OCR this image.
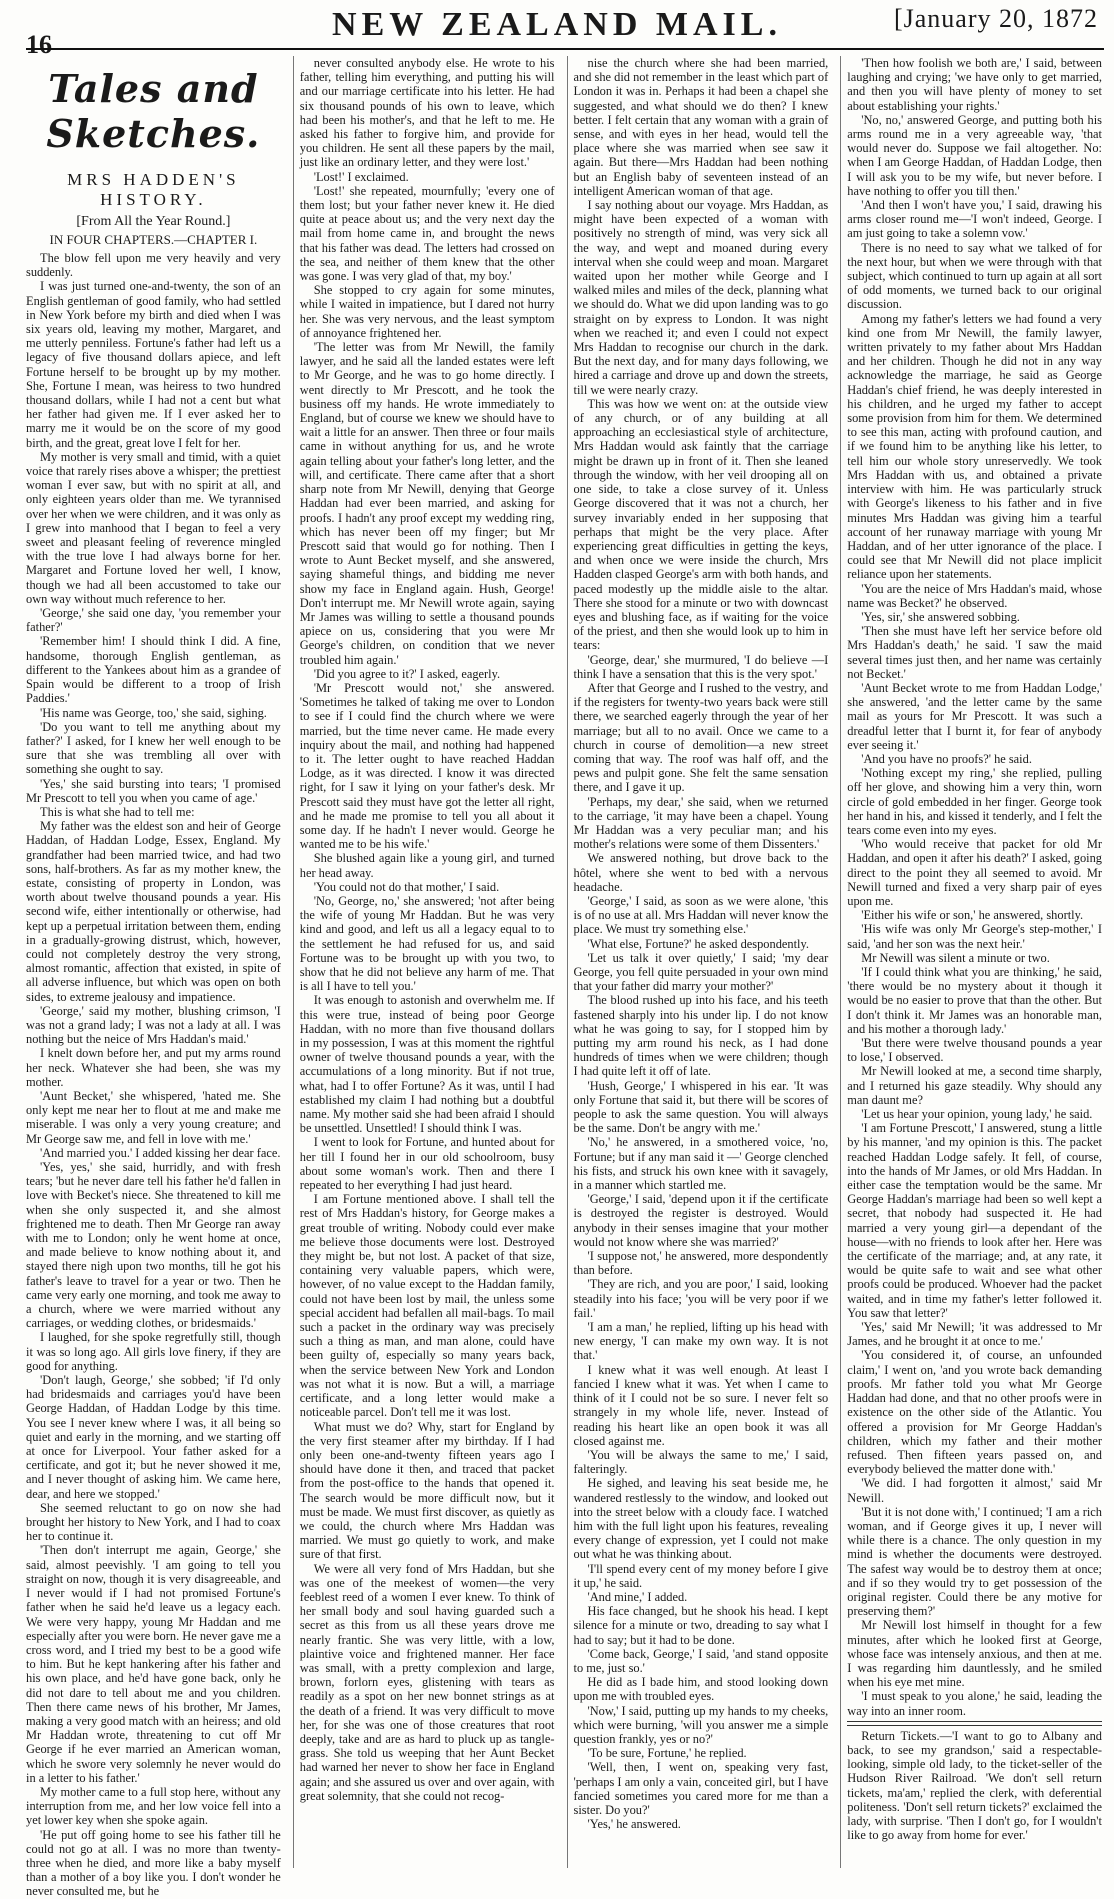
16
NEW ZEALAND MAIL.	[January 20, 1872
Tales and Sketches.
MRS HADDEN'S HISTORY.
[From All the Year Round.]
IN FOUR CHAPTERS.—CHAPTER I.

The blow fell upon me very heavily and very suddenly.

I was just turned one-and-twenty, the son of an English gentleman of good family, who had settled in New York before my birth and died when I was six years old, leaving my mother, Margaret, and me utterly penniless. Fortune's father had left us a legacy of five thousand dollars apiece, and left Fortune herself to be brought up by my mother. She, Fortune I mean, was heiress to two hundred thousand dollars, while I had not a cent but what her father had given me. If I ever asked her to marry me it would be on the score of my good birth, and the great, great love I felt for her.

My mother is very small and timid, with a quiet voice that rarely rises above a whisper; the prettiest woman I ever saw, but with no spirit at all, and only eighteen years older than me. We tyrannised over her when we were children, and it was only as I grew into manhood that I began to feel a very sweet and pleasant feeling of reverence mingled with the true love I had always borne for her. Margaret and Fortune loved her well, I know, though we had all been accustomed to take our own way without much reference to her.

'George,' she said one day, 'you remember your father?'

'Remember him! I should think I did. A fine, handsome, thorough English gentleman, as different to the Yankees about him as a grandee of Spain would be different to a troop of Irish Paddies.'

'His name was George, too,' she said, sighing.

'Do you want to tell me anything about my father?' I asked, for I knew her well enough to be sure that she was trembling all over with something she ought to say.

'Yes,' she said bursting into tears; 'I promised Mr Prescott to tell you when you came of age.'

This is what she had to tell me:

My father was the eldest son and heir of George Haddan, of Haddan Lodge, Essex, England. My grandfather had been married twice, and had two sons, half-brothers. As far as my mother knew, the estate, consisting of property in London, was worth about twelve thousand pounds a year. His second wife, either intentionally or otherwise, had kept up a perpetual irritation between them, ending in a gradually-growing distrust, which, however, could not completely destroy the very strong, almost romantic, affection that existed, in spite of all adverse influence, but which was open on both sides, to extreme jealousy and impatience.

'George,' said my mother, blushing crimson, 'I was not a grand lady; I was not a lady at all. I was nothing but the neice of Mrs Haddan's maid.'

I knelt down before her, and put my arms round her neck. Whatever she had been, she was my mother.

'Aunt Becket,' she whispered, 'hated me. She only kept me near her to flout at me and make me miserable. I was only a very young creature; and Mr George saw me, and fell in love with me.'

'And married you.' I added kissing her dear face.

'Yes, yes,' she said, hurridly, and with fresh tears; 'but he never dare tell his father he'd fallen in love with Becket's niece. She threatened to kill me when she only suspected it, and she almost frightened me to death. Then Mr George ran away with me to London; only he went home at once, and made believe to know nothing about it, and stayed there nigh upon two months, till he got his father's leave to travel for a year or two. Then he came very early one morning, and took me away to a church, where we were married without any carriages, or wedding clothes, or bridesmaids.'

I laughed, for she spoke regretfully still, though it was so long ago. All girls love finery, if they are good for anything.

'Don't laugh, George,' she sobbed; 'if I'd only had bridesmaids and carriages you'd have been George Haddan, of Haddan Lodge by this time. You see I never knew where I was, it all being so quiet and early in the morning, and we starting off at once for Liverpool. Your father asked for a certificate, and got it; but he never showed it me, and I never thought of asking him. We came here, dear, and here we stopped.'

She seemed reluctant to go on now she had brought her history to New York, and I had to coax her to continue it.

'Then don't interrupt me again, George,' she said, almost peevishly. 'I am going to tell you straight on now, though it is very disagreeable, and I never would if I had not promised Fortune's father when he said he'd leave us a legacy each. We were very happy, young Mr Haddan and me especially after you were born. He never gave me a cross word, and I tried my best to be a good wife to him. But he kept hankering after his father and his own place, and he'd have gone back, only he did not dare to tell about me and you children. Then there came news of his brother, Mr James, making a very good match with an heiress; and old Mr Haddan wrote, threatening to cut off Mr George if he ever married an American woman, which he swore very solemnly he never would do in a letter to his father.'

My mother came to a full stop here, without any interruption from me, and her low voice fell into a yet lower key when she spoke again.

'He put off going home to see his father till he could not go at all. I was no more than twenty-three when he died, and more like a baby myself than a mother of a boy like you. I don't wonder he never consulted me, but he

never consulted anybody else. He wrote to his father, telling him everything, and putting his will and our marriage certificate into his letter. He had six thousand pounds of his own to leave, which had been his mother's, and that he left to me. He asked his father to forgive him, and provide for you children. He sent all these papers by the mail, just like an ordinary letter, and they were lost.'

'Lost!' I exclaimed.

'Lost!' she repeated, mournfully; 'every one of them lost; but your father never knew it. He died quite at peace about us; and the very next day the mail from home came in, and brought the news that his father was dead. The letters had crossed on the sea, and neither of them knew that the other was gone. I was very glad of that, my boy.'

She stopped to cry again for some minutes, while I waited in impatience, but I dared not hurry her. She was very nervous, and the least symptom of annoyance frightened her.

'The letter was from Mr Newill, the family lawyer, and he said all the landed estates were left to Mr George, and he was to go home directly. I went directly to Mr Prescott, and he took the business off my hands. He wrote immediately to England, but of course we knew we should have to wait a little for an answer. Then three or four mails came in without anything for us, and he wrote again telling about your father's long letter, and the will, and certificate. There came after that a short sharp note from Mr Newill, denying that George Haddan had ever been married, and asking for proofs. I hadn't any proof except my wedding ring, which has never been off my finger; but Mr Prescott said that would go for nothing. Then I wrote to Aunt Becket myself, and she answered, saying shameful things, and bidding me never show my face in England again. Hush, George! Don't interrupt me. Mr Newill wrote again, saying Mr James was willing to settle a thousand pounds apiece on us, considering that you were Mr George's children, on condition that we never troubled him again.'

'Did you agree to it?' I asked, eagerly.

'Mr Prescott would not,' she answered. 'Sometimes he talked of taking me over to London to see if I could find the church where we were married, but the time never came. He made every inquiry about the mail, and nothing had happened to it. The letter ought to have reached Haddan Lodge, as it was directed. I know it was directed right, for I saw it lying on your father's desk. Mr Prescott said they must have got the letter all right, and he made me promise to tell you all about it some day. If he hadn't I never would. George he wanted me to be his wife.'

She blushed again like a young girl, and turned her head away.

'You could not do that mother,' I said.

'No, George, no,' she answered; 'not after being the wife of young Mr Haddan. But he was very kind and good, and left us all a legacy equal to to the settlement he had refused for us, and said Fortune was to be brought up with you two, to show that he did not believe any harm of me. That is all I have to tell you.'

It was enough to astonish and overwhelm me. If this were true, instead of being poor George Haddan, with no more than five thousand dollars in my possession, I was at this moment the rightful owner of twelve thousand pounds a year, with the accumulations of a long minority. But if not true, what, had I to offer Fortune? As it was, until I had established my claim I had nothing but a doubtful name. My mother said she had been afraid I should be unsettled. Unsettled! I should think I was.

I went to look for Fortune, and hunted about for her till I found her in our old schoolroom, busy about some woman's work. Then and there I repeated to her everything I had just heard.

I am Fortune mentioned above. I shall tell the rest of Mrs Haddan's history, for George makes a great trouble of writing. Nobody could ever make me believe those documents were lost. Destroyed they might be, but not lost. A packet of that size, containing very valuable papers, which were, however, of no value except to the Haddan family, could not have been lost by mail, the unless some special accident had befallen all mail-bags. To mail such a packet in the ordinary way was precisely such a thing as man, and man alone, could have been guilty of, especially so many years back, when the service between New York and London was not what it is now. But a will, a marriage certificate, and a long letter would make a noticeable parcel. Don't tell me it was lost.

What must we do? Why, start for England by the very first steamer after my birthday. If I had only been one-and-twenty fifteen years ago I should have done it then, and traced that packet from the post-office to the hands that opened it. The search would be more difficult now, but it must be made. We must first discover, as quietly as we could, the church where Mrs Haddan was married. We must go quietly to work, and make sure of that first.

We were all very fond of Mrs Haddan, but she was one of the meekest of women—the very feeblest reed of a women I ever knew. To think of her small body and soul having guarded such a secret as this from us all these years drove me nearly frantic. She was very little, with a low, plaintive voice and frightened manner. Her face was small, with a pretty complexion and large, brown, forlorn eyes, glistening with tears as readily as a spot on her new bonnet strings as at the death of a friend. It was very difficult to move her, for she was one of those creatures that root deeply, take and are as hard to pluck up as tangle-grass. She told us weeping that her Aunt Becket had warned her never to show her face in England again; and she assured us over and over again, with great solemnity, that she could not recog-

nise the church where she had been married, and she did not remember in the least which part of London it was in. Perhaps it had been a chapel she suggested, and what should we do then? I knew better. I felt certain that any woman with a grain of sense, and with eyes in her head, would tell the place where she was married when see saw it again. But there—Mrs Haddan had been nothing but an English baby of seventeen instead of an intelligent American woman of that age.

I say nothing about our voyage. Mrs Haddan, as might have been expected of a woman with positively no strength of mind, was very sick all the way, and wept and moaned during every interval when she could weep and moan. Margaret waited upon her mother while George and I walked miles and miles of the deck, planning what we should do. What we did upon landing was to go straight on by express to London. It was night when we reached it; and even I could not expect Mrs Haddan to recognise our church in the dark. But the next day, and for many days following, we hired a carriage and drove up and down the streets, till we were nearly crazy.

This was how we went on: at the outside view of any church, or of any building at all approaching an ecclesiastical style of architecture, Mrs Haddan would ask faintly that the carriage might be drawn up in front of it. Then she leaned through the window, with her veil drooping all on one side, to take a close survey of it. Unless George discovered that it was not a church, her survey invariably ended in her supposing that perhaps that might be the very place. After experiencing great difficulties in getting the keys, and when once we were inside the church, Mrs Hadden clasped George's arm with both hands, and paced modestly up the middle aisle to the altar. There she stood for a minute or two with downcast eyes and blushing face, as if waiting for the voice of the priest, and then she would look up to him in tears:

'George, dear,' she murmured, 'I do believe —I think I have a sensation that this is the very spot.'

After that George and I rushed to the vestry, and if the registers for twenty-two years back were still there, we searched eagerly through the year of her marriage; but all to no avail. Once we came to a church in course of demolition—a new street coming that way. The roof was half off, and the pews and pulpit gone. She felt the same sensation there, and I gave it up.

'Perhaps, my dear,' she said, when we returned to the carriage, 'it may have been a chapel. Young Mr Haddan was a very peculiar man; and his mother's relations were some of them Dissenters.'

We answered nothing, but drove back to the hôtel, where she went to bed with a nervous headache.

'George,' I said, as soon as we were alone, 'this is of no use at all. Mrs Haddan will never know the place. We must try something else.'

'What else, Fortune?' he asked despondently.

'Let us talk it over quietly,' I said; 'my dear George, you fell quite persuaded in your own mind that your father did marry your mother?'

The blood rushed up into his face, and his teeth fastened sharply into his under lip. I do not know what he was going to say, for I stopped him by putting my arm round his neck, as I had done hundreds of times when we were children; though I had quite left it off of late.

'Hush, George,' I whispered in his ear. 'It was only Fortune that said it, but there will be scores of people to ask the same question. You will always be the same. Don't be angry with me.'

'No,' he answered, in a smothered voice, 'no, Fortune; but if any man said it —' George clenched his fists, and struck his own knee with it savagely, in a manner which startled me.

'George,' I said, 'depend upon it if the certificate is destroyed the register is destroyed. Would anybody in their senses imagine that your mother would not know where she was married?'

'I suppose not,' he answered, more despondently than before.

'They are rich, and you are poor,' I said, looking steadily into his face; 'you will be very poor if we fail.'

'I am a man,' he replied, lifting up his head with new energy, 'I can make my own way. It is not that.'

I knew what it was well enough. At least I fancied I knew what it was. Yet when I came to think of it I could not be so sure. I never felt so strangely in my whole life, never. Instead of reading his heart like an open book it was all closed against me.

'You will be always the same to me,' I said, falteringly.

He sighed, and leaving his seat beside me, he wandered restlessly to the window, and looked out into the street below with a cloudy face. I watched him with the full light upon his features, revealing every change of expression, yet I could not make out what he was thinking about.

'I'll spend every cent of my money before I give it up,' he said.

'And mine,' I added.

His face changed, but he shook his head. I kept silence for a minute or two, dreading to say what I had to say; but it had to be done.

'Come back, George,' I said, 'and stand opposite to me, just so.'

He did as I bade him, and stood looking down upon me with troubled eyes.

'Now,' I said, putting up my hands to my cheeks, which were burning, 'will you answer me a simple question frankly, yes or no?'

'To be sure, Fortune,' he replied.

'Well, then, I went on, speaking very fast, 'perhaps I am only a vain, conceited girl, but I have fancied sometimes you cared more for me than a sister. Do you?'

'Yes,' he answered.

'Then how foolish we both are,' I said, between laughing and crying; 'we have only to get married, and then you will have plenty of money to set about establishing your rights.'

'No, no,' answered George, and putting both his arms round me in a very agreeable way, 'that would never do. Suppose we fail altogether. No: when I am George Haddan, of Haddan Lodge, then I will ask you to be my wife, but never before. I have nothing to offer you till then.'

'And then I won't have you,' I said, drawing his arms closer round me—'I won't indeed, George. I am just going to take a solemn vow.'

There is no need to say what we talked of for the next hour, but when we were through with that subject, which continued to turn up again at all sort of odd moments, we turned back to our original discussion.

Among my father's letters we had found a very kind one from Mr Newill, the family lawyer, written privately to my father about Mrs Haddan and her children. Though he did not in any way acknowledge the marriage, he said as George Haddan's chief friend, he was deeply interested in his children, and he urged my father to accept some provision from him for them. We determined to see this man, acting with profound caution, and if we found him to be anything like his letter, to tell him our whole story unreservedly. We took Mrs Haddan with us, and obtained a private interview with him. He was particularly struck with George's likeness to his father and in five minutes Mrs Haddan was giving him a tearful account of her runaway marriage with young Mr Haddan, and of her utter ignorance of the place. I could see that Mr Newill did not place implicit reliance upon her statements.

'You are the neice of Mrs Haddan's maid, whose name was Becket?' he observed.

'Yes, sir,' she answered sobbing.

'Then she must have left her service before old Mrs Haddan's death,' he said. 'I saw the maid several times just then, and her name was certainly not Becket.'

'Aunt Becket wrote to me from Haddan Lodge,' she answered, 'and the letter came by the same mail as yours for Mr Prescott. It was such a dreadful letter that I burnt it, for fear of anybody ever seeing it.'

'And you have no proofs?' he said.

'Nothing except my ring,' she replied, pulling off her glove, and showing him a very thin, worn circle of gold embedded in her finger. George took her hand in his, and kissed it tenderly, and I felt the tears come even into my eyes.

'Who would receive that packet for old Mr Haddan, and open it after his death?' I asked, going direct to the point they all seemed to avoid. Mr Newill turned and fixed a very sharp pair of eyes upon me.

'Either his wife or son,' he answered, shortly.

'His wife was only Mr George's step-mother,' I said, 'and her son was the next heir.'

Mr Newill was silent a minute or two.

'If I could think what you are thinking,' he said, 'there would be no mystery about it though it would be no easier to prove that than the other. But I don't think it. Mr James was an honorable man, and his mother a thorough lady.'

'But there were twelve thousand pounds a year to lose,' I observed.

Mr Newill looked at me, a second time sharply, and I returned his gaze steadily. Why should any man daunt me?

'Let us hear your opinion, young lady,' he said.

'I am Fortune Prescott,' I answered, stung a little by his manner, 'and my opinion is this. The packet reached Haddan Lodge safely. It fell, of course, into the hands of Mr James, or old Mrs Haddan. In either case the temptation would be the same. Mr George Haddan's marriage had been so well kept a secret, that nobody had suspected it. He had married a very young girl—a dependant of the house—with no friends to look after her. Here was the certificate of the marriage; and, at any rate, it would be quite safe to wait and see what other proofs could be produced. Whoever had the packet waited, and in time my father's letter followed it. You saw that letter?'

'Yes,' said Mr Newill; 'it was addressed to Mr James, and he brought it at once to me.'

'You considered it, of course, an unfounded claim,' I went on, 'and you wrote back demanding proofs. Mr father told you what Mr George Haddan had done, and that no other proofs were in existence on the other side of the Atlantic. You offered a provision for Mr George Haddan's children, which my father and their mother refused. Then fifteen years passed on, and everybody believed the matter done with.'

'We did. I had forgotten it almost,' said Mr Newill.

'But it is not done with,' I continued; 'I am a rich woman, and if George gives it up, I never will while there is a chance. The only question in my mind is whether the documents were destroyed. The safest way would be to destroy them at once; and if so they would try to get possession of the original register. Could there be any motive for preserving them?'

Mr Newill lost himself in thought for a few minutes, after which he looked first at George, whose face was intensely anxious, and then at me. I was regarding him dauntlessly, and he smiled when his eye met mine.

'I must speak to you alone,' he said, leading the way into an inner room.

Return Tickets.—'I want to go to Albany and back, to see my grandson,' said a respectable-looking, simple old lady, to the ticket-seller of the Hudson River Railroad. 'We don't sell return tickets, ma'am,' replied the clerk, with deferential politeness. 'Don't sell return tickets?' exclaimed the lady, with surprise. 'Then I don't go, for I wouldn't like to go away from home for ever.'
